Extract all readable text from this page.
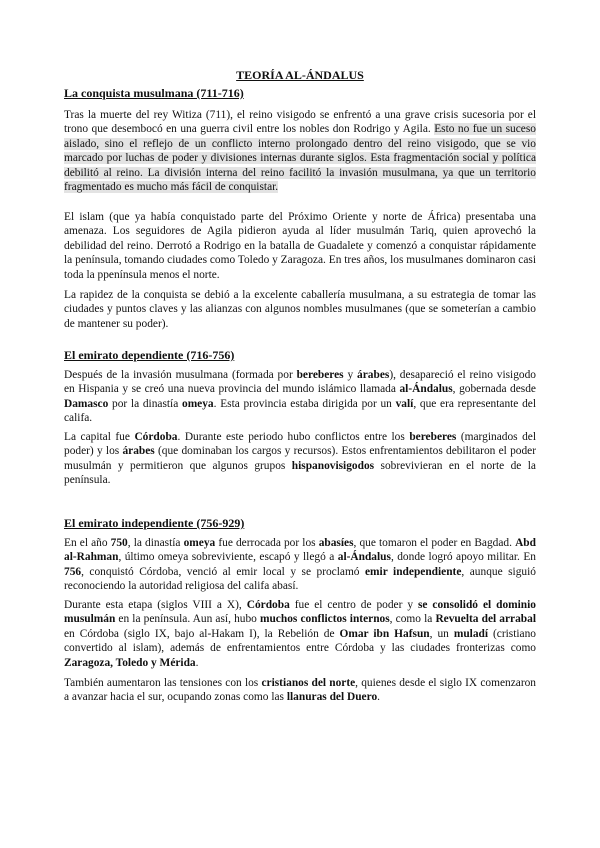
TEORÍA AL-ÁNDALUS
La conquista musulmana (711-716)

Tras la muerte del rey Witiza (711), el reino visigodo se enfrentó a una grave crisis sucesoria por el trono que desembocó en una guerra civil entre los nobles don Rodrigo y Agila. Esto no fue un suceso aislado, sino el reflejo de un conflicto interno prolongado dentro del reino visigodo, que se vio marcado por luchas de poder y divisiones internas durante siglos. Esta fragmentación social y política debilitó al reino. La división interna del reino facilitó la invasión musulmana, ya que un territorio fragmentado es mucho más fácil de conquistar.

El islam (que ya había conquistado parte del Próximo Oriente y norte de África) presentaba una amenaza. Los seguidores de Agila pidieron ayuda al líder musulmán Tariq, quien aprovechó la debilidad del reino. Derrotó a Rodrigo en la batalla de Guadalete y comenzó a conquistar rápidamente la península, tomando ciudades como Toledo y Zaragoza. En tres años, los musulmanes dominaron casi toda la ppenínsula menos el norte.

La rapidez de la conquista se debió a la excelente caballería musulmana, a su estrategia de tomar las ciudades y puntos claves y las alianzas con algunos nombles musulmanes (que se someterían a cambio de mantener su poder).

El emirato dependiente (716-756)

Después de la invasión musulmana (formada por bereberes y árabes), desapareció el reino visigodo en Hispania y se creó una nueva provincia del mundo islámico llamada al-Ándalus, gobernada desde Damasco por la dinastía omeya. Esta provincia estaba dirigida por un valí, que era representante del califa.

La capital fue Córdoba. Durante este periodo hubo conflictos entre los bereberes (marginados del poder) y los árabes (que dominaban los cargos y recursos). Estos enfrentamientos debilitaron el poder musulmán y permitieron que algunos grupos hispanovisigodos sobrevivieran en el norte de la península.

El emirato independiente (756-929)

En el año 750, la dinastía omeya fue derrocada por los abasíes, que tomaron el poder en Bagdad. Abd al-Rahman, último omeya sobreviviente, escapó y llegó a al-Ándalus, donde logró apoyo militar. En 756, conquistó Córdoba, venció al emir local y se proclamó emir independiente, aunque siguió reconociendo la autoridad religiosa del califa abasí.

Durante esta etapa (siglos VIII a X), Córdoba fue el centro de poder y se consolidó el dominio musulmán en la península. Aun así, hubo muchos conflictos internos, como la Revuelta del arrabal en Córdoba (siglo IX, bajo al-Hakam I), la Rebelión de Omar ibn Hafsun, un muladí (cristiano convertido al islam), además de enfrentamientos entre Córdoba y las ciudades fronterizas como Zaragoza, Toledo y Mérida.

También aumentaron las tensiones con los cristianos del norte, quienes desde el siglo IX comenzaron a avanzar hacia el sur, ocupando zonas como las llanuras del Duero.
